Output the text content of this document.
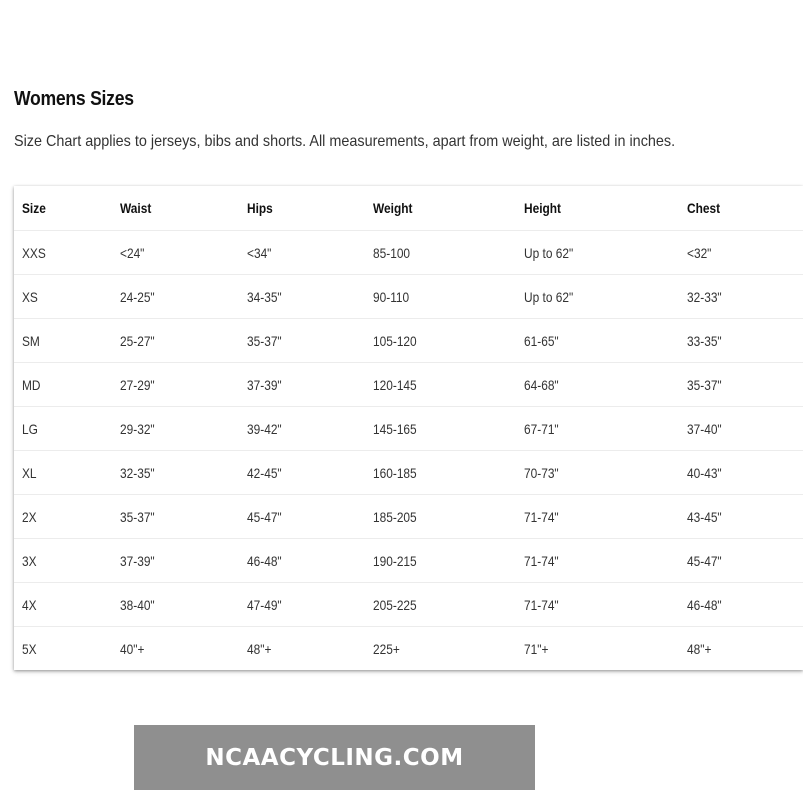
Womens Sizes

Size Chart applies to jerseys, bibs and shorts. All measurements, apart from weight, are listed in inches.

Size	Waist	Hips	Weight	Height	Chest
XXS	<24"	<34"	85-100	Up to 62"	<32"
XS	24-25"	34-35"	90-110	Up to 62"	32-33"
SM	25-27"	35-37"	105-120	61-65"	33-35"
MD	27-29"	37-39"	120-145	64-68"	35-37"
LG	29-32"	39-42"	145-165	67-71"	37-40"
XL	32-35"	42-45"	160-185	70-73"	40-43"
2X	35-37"	45-47"	185-205	71-74"	43-45"
3X	37-39"	46-48"	190-215	71-74"	45-47"
4X	38-40"	47-49"	205-225	71-74"	46-48"
5X	40"+	48"+	225+	71"+	48"+
NCAACYCLING.COM
